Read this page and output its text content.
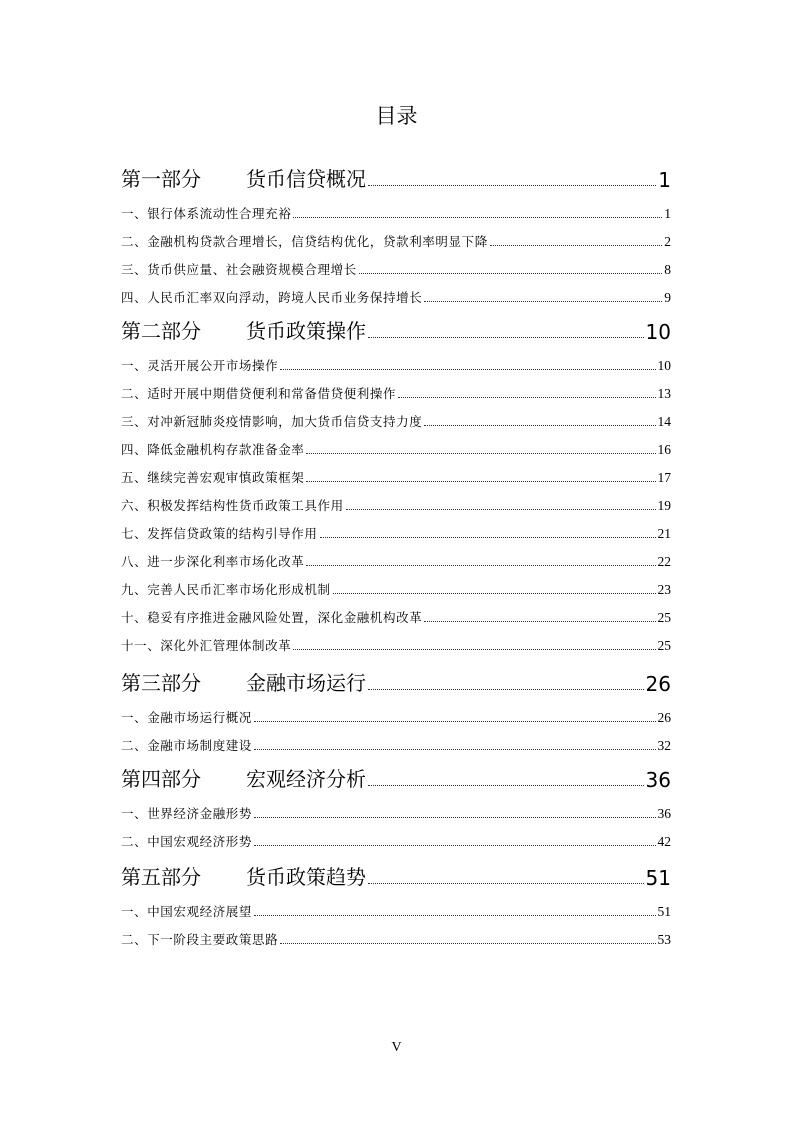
目录
第一部分 货币信贷概况	1
一、银行体系流动性合理充裕	1
二、金融机构贷款合理增长，信贷结构优化，贷款利率明显下降	2
三、货币供应量、社会融资规模合理增长	8
四、人民币汇率双向浮动，跨境人民币业务保持增长	9
第二部分 货币政策操作	10
一、灵活开展公开市场操作	10
二、适时开展中期借贷便利和常备借贷便利操作	13
三、对冲新冠肺炎疫情影响，加大货币信贷支持力度	14
四、降低金融机构存款准备金率	16
五、继续完善宏观审慎政策框架	17
六、积极发挥结构性货币政策工具作用	19
七、发挥信贷政策的结构引导作用	21
八、进一步深化利率市场化改革	22
九、完善人民币汇率市场化形成机制	23
十、稳妥有序推进金融风险处置，深化金融机构改革	25
十一、深化外汇管理体制改革	25
第三部分 金融市场运行	26
一、金融市场运行概况	26
二、金融市场制度建设	32
第四部分 宏观经济分析	36
一、世界经济金融形势	36
二、中国宏观经济形势	42
第五部分 货币政策趋势	51
一、中国宏观经济展望	51
二、下一阶段主要政策思路	53
V
